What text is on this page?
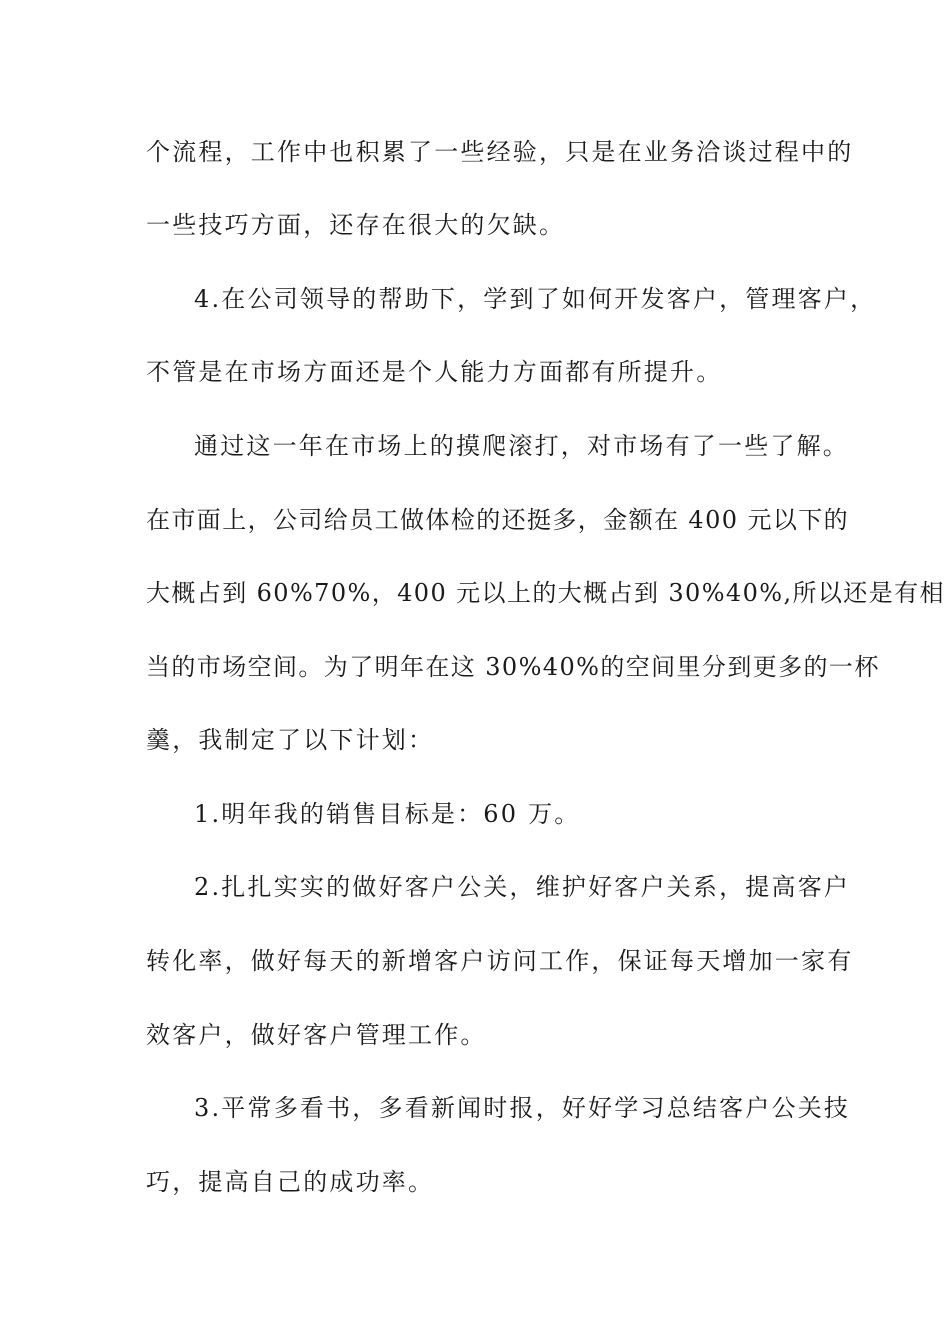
个流程，工作中也积累了一些经验，只是在业务洽谈过程中的
一些技巧方面，还存在很大的欠缺。
4.在公司领导的帮助下，学到了如何开发客户，管理客户，
不管是在市场方面还是个人能力方面都有所提升。
通过这一年在市场上的摸爬滚打，对市场有了一些了解。
在市面上，公司给员工做体检的还挺多，金额在 400 元以下的
大概占到 60%70%，400 元以上的大概占到 30%40%,所以还是有相
当的市场空间。为了明年在这 30%40%的空间里分到更多的一杯
羹，我制定了以下计划：
1.明年我的销售目标是：60 万。
2.扎扎实实的做好客户公关，维护好客户关系，提高客户
转化率，做好每天的新增客户访问工作，保证每天增加一家有
效客户，做好客户管理工作。
3.平常多看书，多看新闻时报，好好学习总结客户公关技
巧，提高自己的成功率。
